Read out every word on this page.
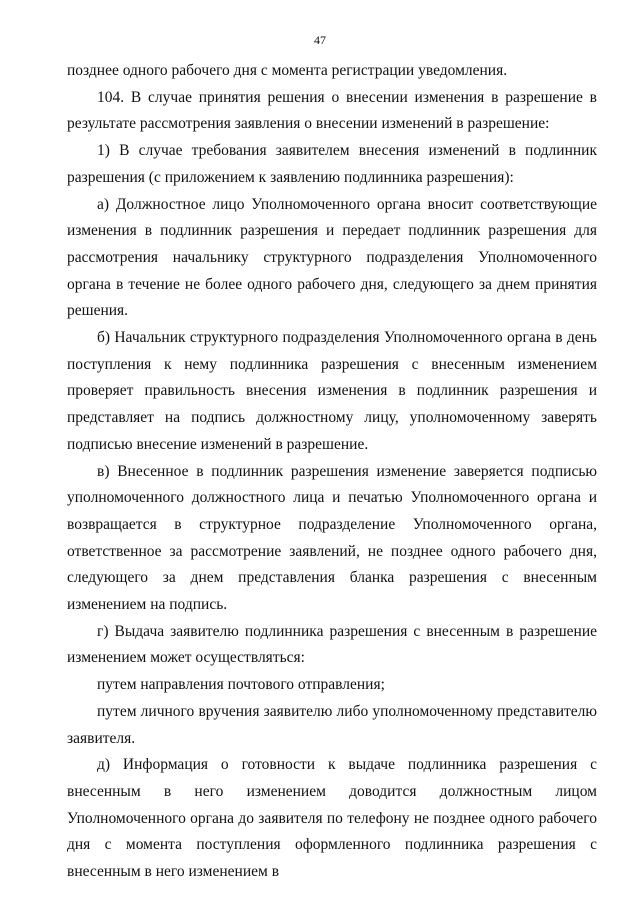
47

позднее одного рабочего дня с момента регистрации уведомления.

104. В случае принятия решения о внесении изменения в разрешение в результате рассмотрения заявления о внесении изменений в разрешение:

1) В случае требования заявителем внесения изменений в подлинник разрешения (с приложением к заявлению подлинника разрешения):

а) Должностное лицо Уполномоченного органа вносит соответствующие изменения в подлинник разрешения и передает подлинник разрешения для рассмотрения начальнику структурного подразделения Уполномоченного органа в течение не более одного рабочего дня, следующего за днем принятия решения.

б) Начальник структурного подразделения Уполномоченного органа в день поступления к нему подлинника разрешения с внесенным изменением проверяет правильность внесения изменения в подлинник разрешения и представляет на подпись должностному лицу, уполномоченному заверять подписью внесение изменений в разрешение.

в) Внесенное в подлинник разрешения изменение заверяется подписью уполномоченного должностного лица и печатью Уполномоченного органа и возвращается в структурное подразделение Уполномоченного органа, ответственное за рассмотрение заявлений, не позднее одного рабочего дня, следующего за днем представления бланка разрешения с внесенным изменением на подпись.

г) Выдача заявителю подлинника разрешения с внесенным в разрешение изменением может осуществляться:

путем направления почтового отправления;

путем личного вручения заявителю либо уполномоченному представителю заявителя.

д) Информация о готовности к выдаче подлинника разрешения с внесенным в него изменением доводится должностным лицом Уполномоченного органа до заявителя по телефону не позднее одного рабочего дня с момента поступления оформленного подлинника разрешения с внесенным в него изменением в
